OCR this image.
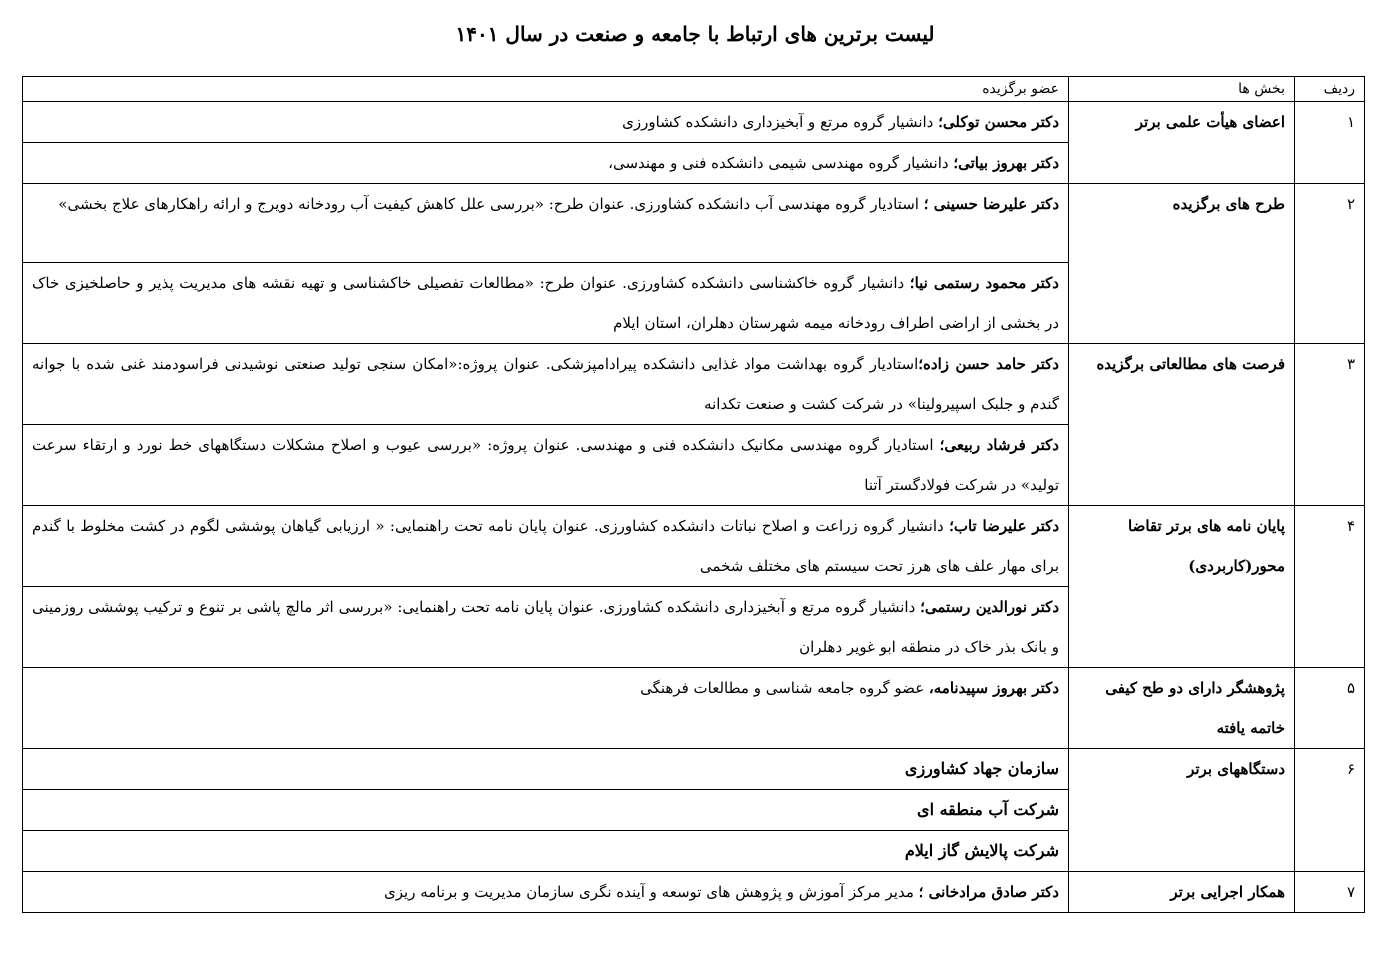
لیست برترین های ارتباط با جامعه و صنعت در سال ۱۴۰۱
ردیف	بخش ها	عضو برگزیده
۱	اعضای هیأت علمی برتر	دکتر محسن توکلی؛ دانشیار گروه مرتع و آبخیزداری دانشکده کشاورزی
		دکتر بهروز بیاتی؛ دانشیار گروه مهندسی شیمی دانشکده فنی و مهندسی،
۲	طرح های برگزیده	دکتر علیرضا حسینی ؛ استادیار گروه مهندسی آب دانشکده کشاورزی. عنوان طرح: «بررسی علل کاهش کیفیت آب رودخانه دویرج و ارائه راهکارهای علاج بخشی»
		دکتر محمود رستمی نیا؛ دانشیار گروه خاکشناسی دانشکده کشاورزی. عنوان طرح: «مطالعات تفصیلی خاکشناسی و تهیه نقشه های مدیریت پذیر و حاصلخیزی خاک در بخشی از اراضی اطراف رودخانه میمه شهرستان دهلران، استان ایلام
۳	فرصت های مطالعاتی برگزیده	دکتر حامد حسن زاده؛استادیار گروه بهداشت مواد غذایی دانشکده پیرادامپزشکی. عنوان پروژه:«امکان سنجی تولید صنعتی نوشیدنی فراسودمند غنی شده با جوانه گندم و جلبک اسپیرولینا» در شرکت کشت و صنعت تکدانه
		دکتر فرشاد ربیعی؛ استادیار گروه مهندسی مکانیک دانشکده فنی و مهندسی. عنوان پروژه: «بررسی عیوب و اصلاح مشکلات دستگاههای خط نورد و ارتقاء سرعت تولید» در شرکت فولادگستر آتنا
۴	پایان نامه های برتر تقاضا محور(کاربردی)	دکتر علیرضا تاب؛ دانشیار گروه زراعت و اصلاح نباتات دانشکده کشاورزی. عنوان پایان نامه تحت راهنمایی: « ارزیابی گیاهان پوششی لگوم در کشت مخلوط با گندم برای مهار علف های هرز تحت سیستم های مختلف شخمی
		دکتر نورالدین رستمی؛ دانشیار گروه مرتع و آبخیزداری دانشکده کشاورزی. عنوان پایان نامه تحت راهنمایی: «بررسی اثر مالچ پاشی بر تنوع و ترکیب پوششی روزمینی و بانک بذر خاک در منطقه ابو غویر دهلران
۵	پژوهشگر دارای دو طح کیفی خاتمه یافته	دکتر بهروز سپیدنامه، عضو گروه جامعه شناسی و مطالعات فرهنگی
۶	دستگاههای برتر	سازمان جهاد کشاورزی
		شرکت آب منطقه ای
		شرکت پالایش گاز ایلام
۷	همکار اجرایی برتر	دکتر صادق مرادخانی ؛ مدیر مرکز آموزش و پژوهش های توسعه و آینده نگری سازمان مدیریت و برنامه ریزی
